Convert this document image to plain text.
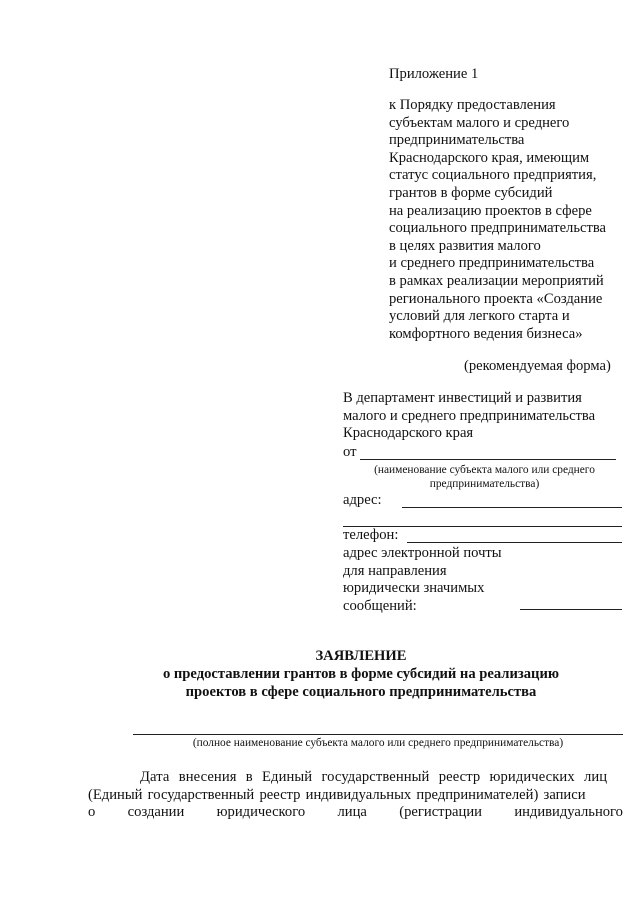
Приложение 1
к Порядку предоставления
субъектам малого и среднего
предпринимательства
Краснодарского края, имеющим
статус социального предприятия,
грантов в форме субсидий
на реализацию проектов в сфере
социального предпринимательства
в целях развития малого
и среднего предпринимательства
в рамках реализации мероприятий
регионального проекта «Создание
условий для легкого старта и
комфортного ведения бизнеса»
(рекомендуемая форма)
В департамент инвестиций и развития
малого и среднего предпринимательства
Краснодарского края
от
(наименование субъекта малого или среднего
предпринимательства)
адрес:
телефон:
адрес электронной почты
для направления
юридически значимых
сообщений:
ЗАЯВЛЕНИЕ
о предоставлении грантов в форме субсидий на реализацию
проектов в сфере социального предпринимательства
(полное наименование субъекта малого или среднего предпринимательства)
Дата внесения в Единый государственный реестр юридических лиц
(Единый государственный реестр индивидуальных предпринимателей) записи
о создании юридического лица (регистрации индивидуального
